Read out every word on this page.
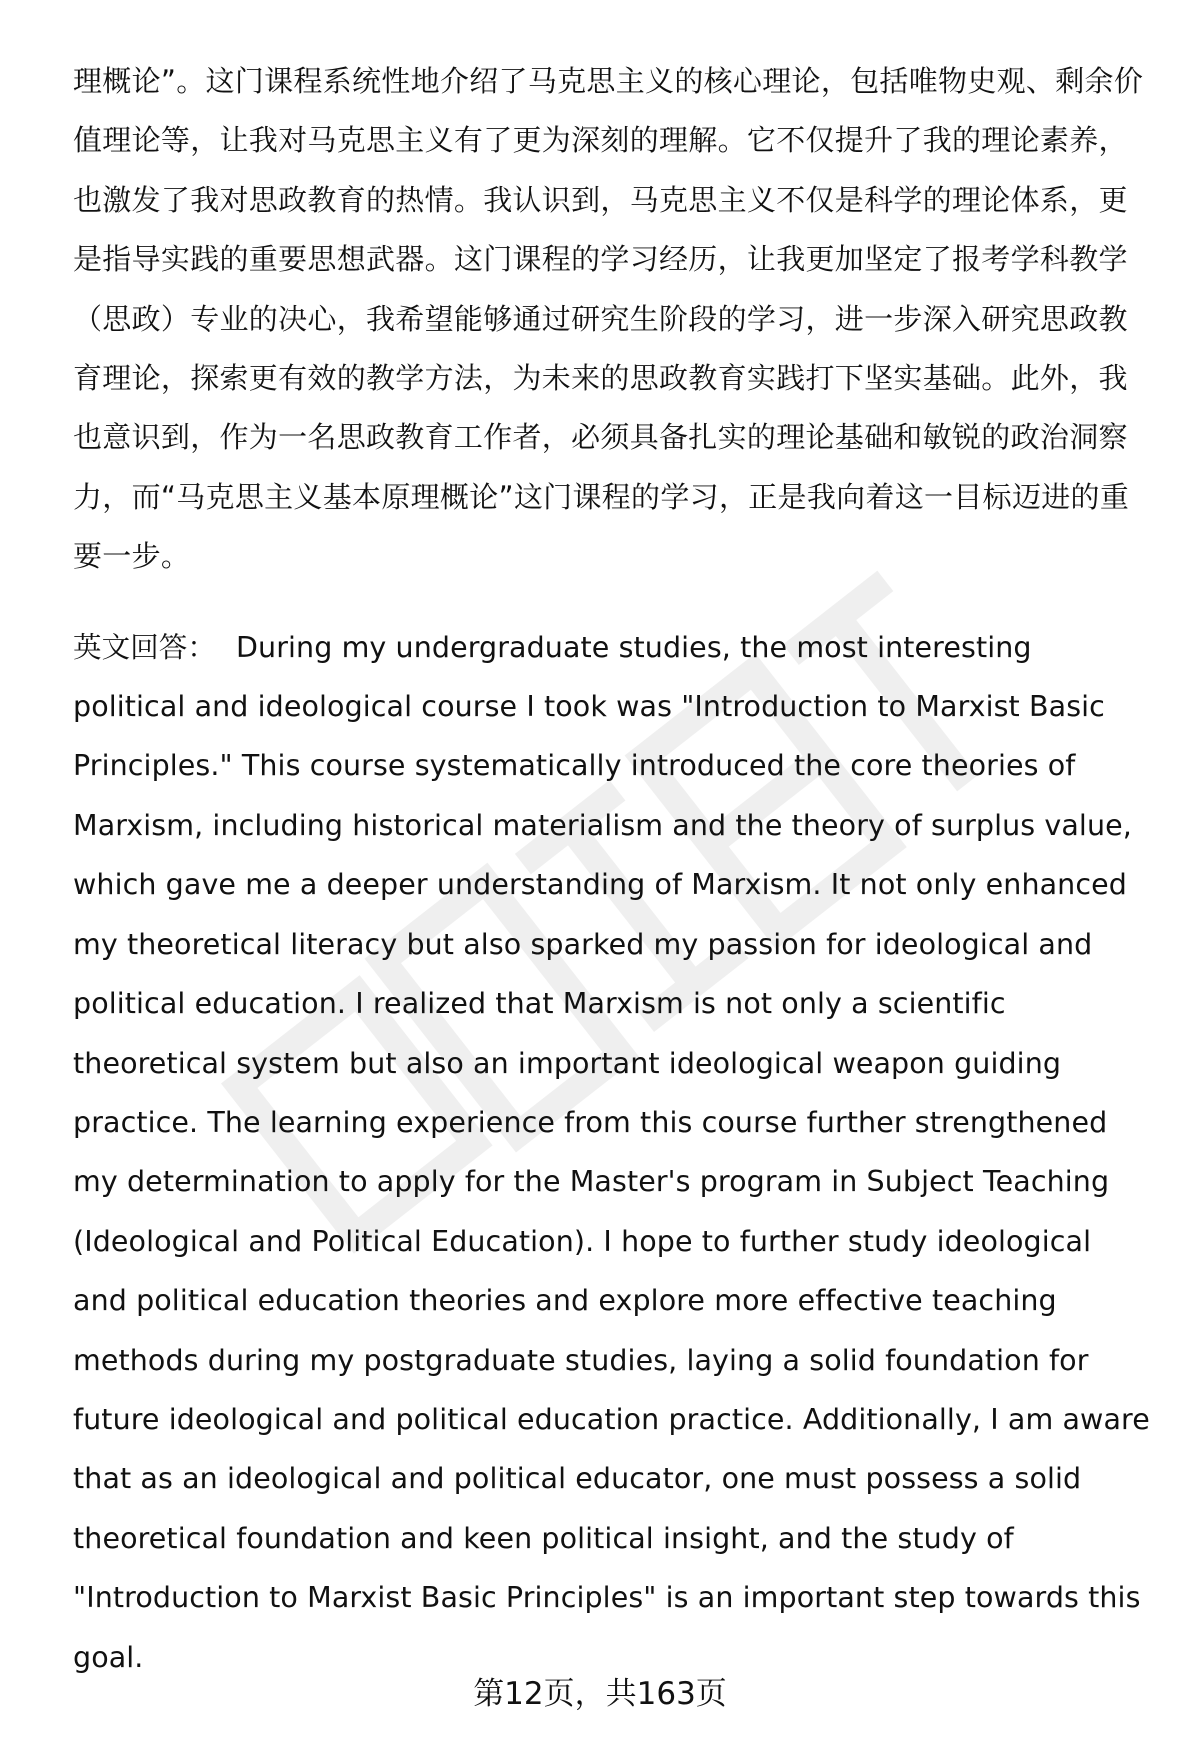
理概论”。这门课程系统性地介绍了马克思主义的核心理论，包括唯物史观、剩余价值理论等，让我对马克思主义有了更为深刻的理解。它不仅提升了我的理论素养，也激发了我对思政教育的热情。我认识到，马克思主义不仅是科学的理论体系，更是指导实践的重要思想武器。这门课程的学习经历，让我更加坚定了报考学科教学（思政）专业的决心，我希望能够通过研究生阶段的学习，进一步深入研究思政教育理论，探索更有效的教学方法，为未来的思政教育实践打下坚实基础。此外，我也意识到，作为一名思政教育工作者，必须具备扎实的理论基础和敏锐的政治洞察力，而“马克思主义基本原理概论”这门课程的学习，正是我向着这一目标迈进的重要一步。

英文回答： During my undergraduate studies, the most interesting political and ideological course I took was "Introduction to Marxist Basic Principles." This course systematically introduced the core theories of Marxism, including historical materialism and the theory of surplus value, which gave me a deeper understanding of Marxism. It not only enhanced my theoretical literacy but also sparked my passion for ideological and political education. I realized that Marxism is not only a scientific theoretical system but also an important ideological weapon guiding practice. The learning experience from this course further strengthened my determination to apply for the Master's program in Subject Teaching (Ideological and Political Education). I hope to further study ideological and political education theories and explore more effective teaching methods during my postgraduate studies, laying a solid foundation for future ideological and political education practice. Additionally, I am aware that as an ideological and political educator, one must possess a solid theoretical foundation and keen political insight, and the study of "Introduction to Marxist Basic Principles" is an important step towards this goal.

第12页，共163页
